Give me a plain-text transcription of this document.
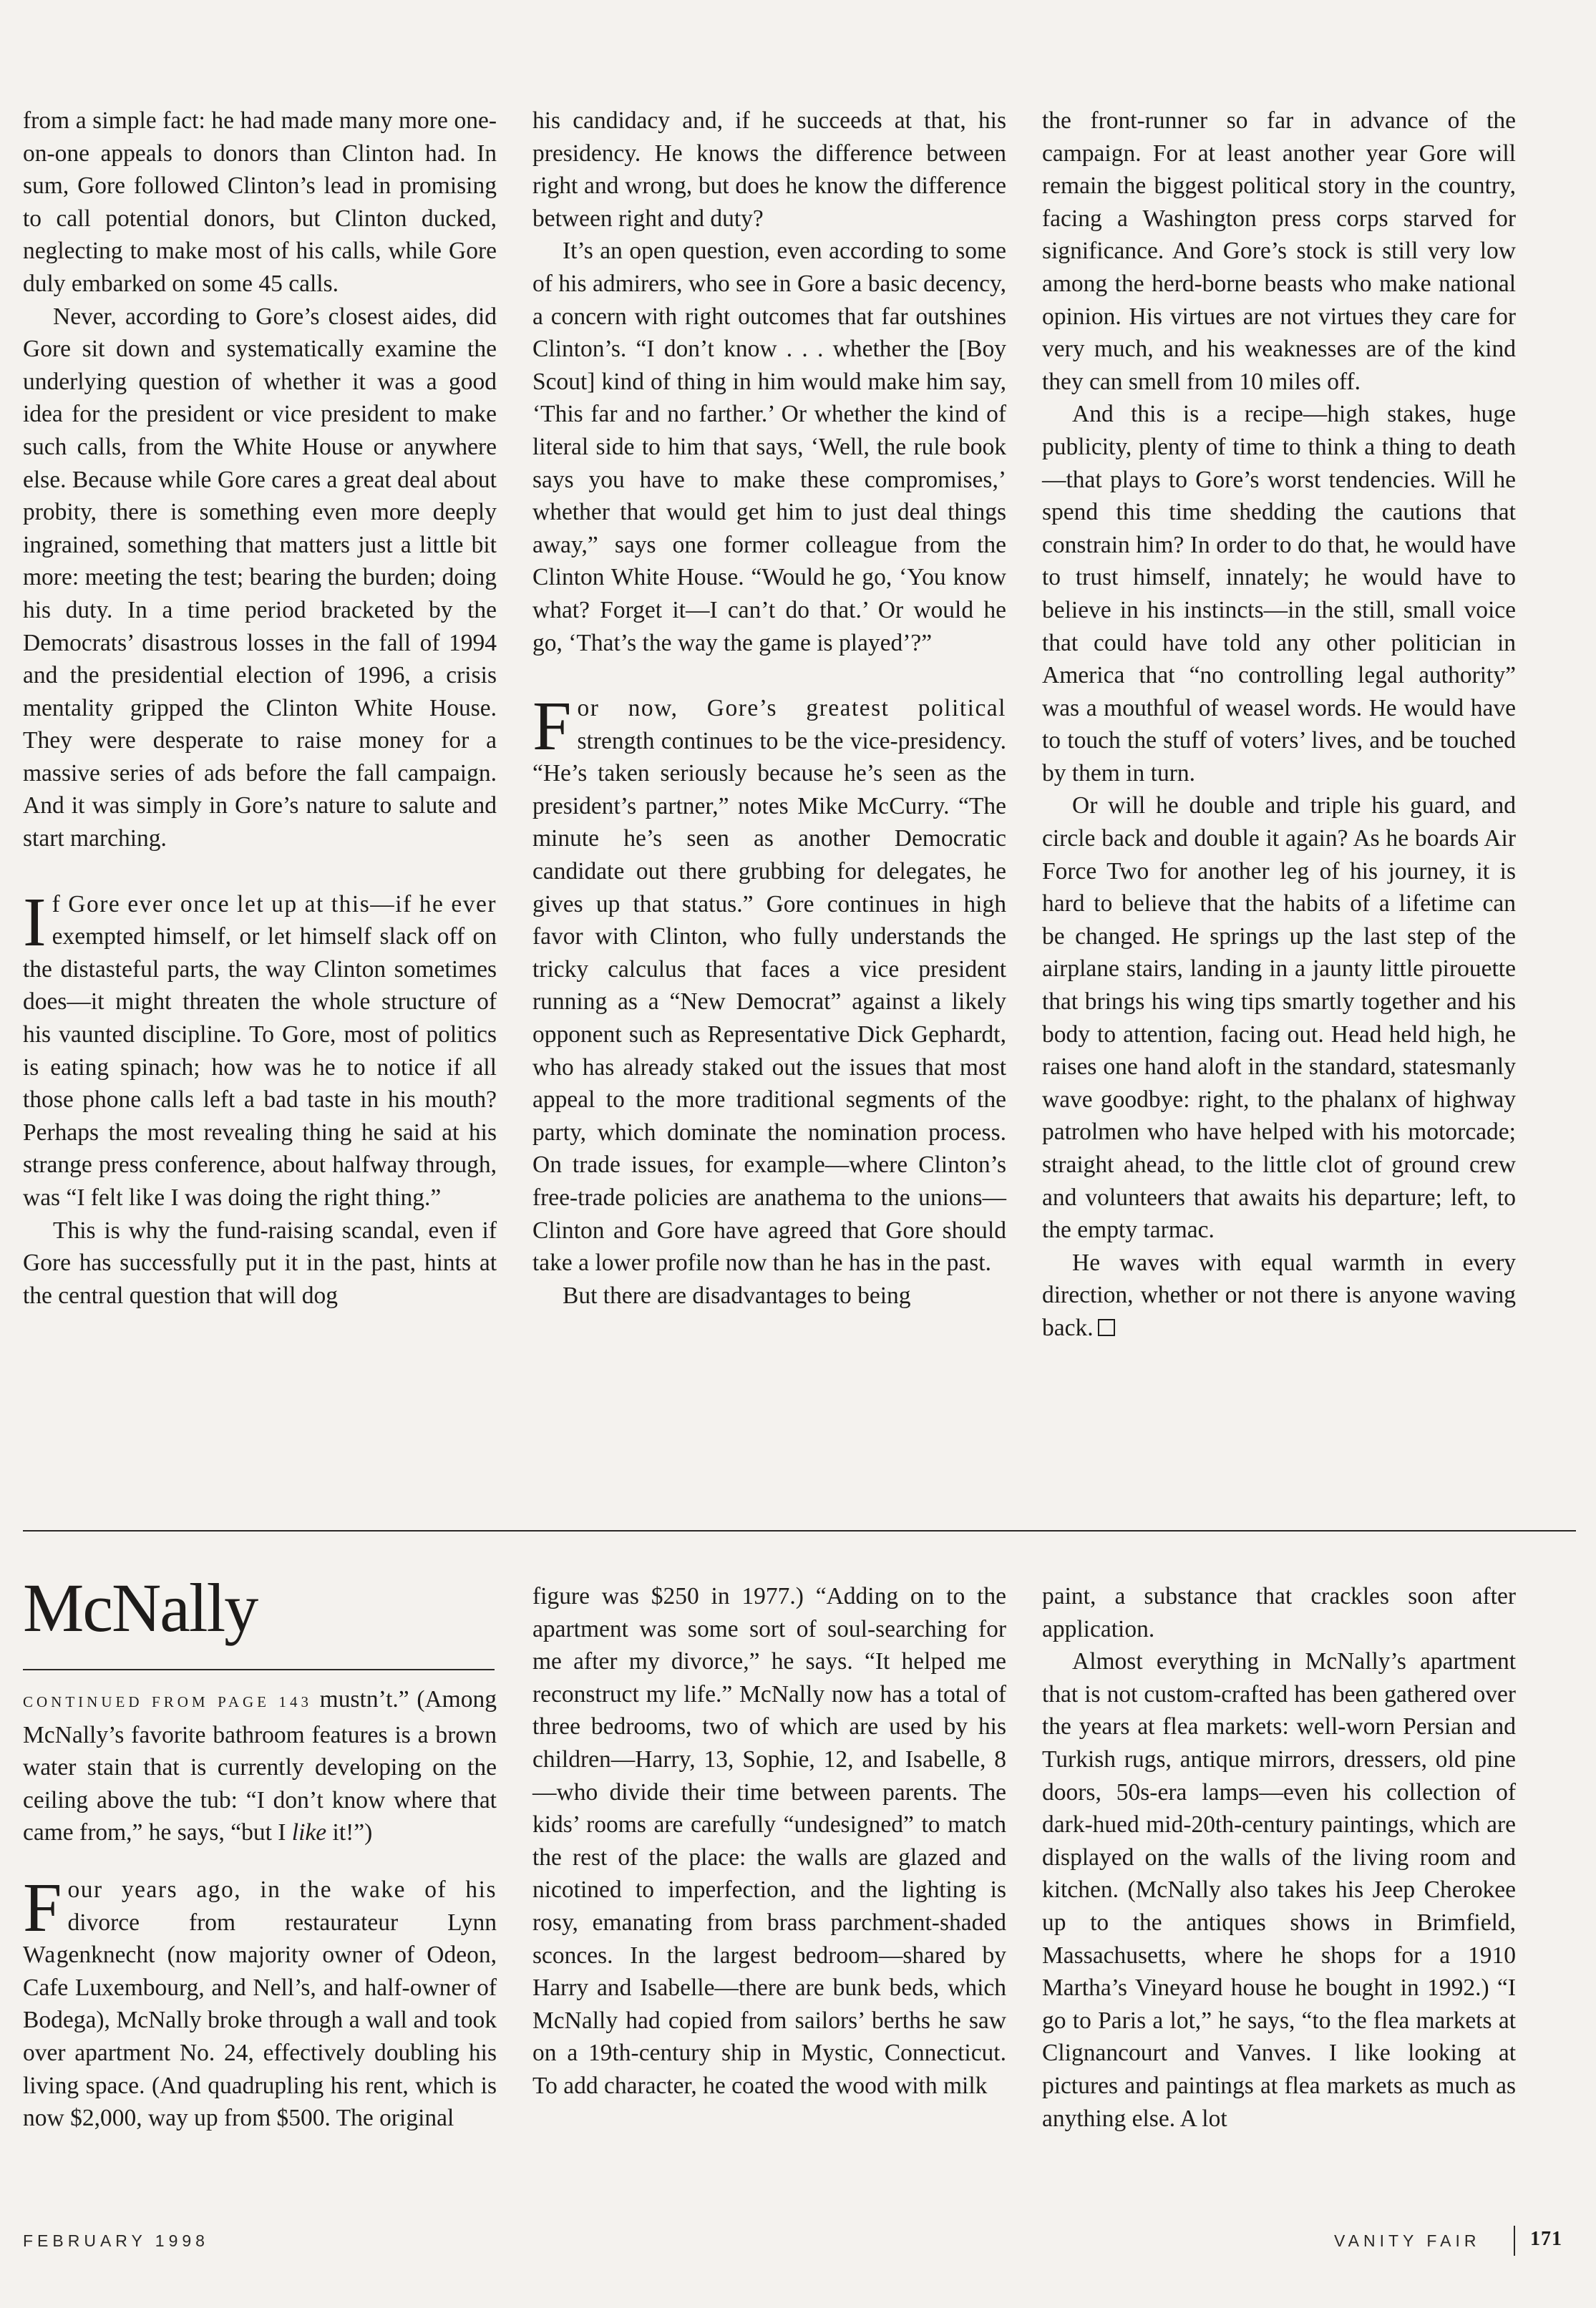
from a simple fact: he had made many more one-on-one appeals to donors than Clinton had. In sum, Gore followed Clinton’s lead in promising to call potential donors, but Clinton ducked, neglecting to make most of his calls, while Gore duly embarked on some 45 calls.

Never, according to Gore’s closest aides, did Gore sit down and systematically examine the underlying question of whether it was a good idea for the president or vice president to make such calls, from the White House or anywhere else. Because while Gore cares a great deal about probity, there is something even more deeply ingrained, something that matters just a little bit more: meeting the test; bearing the burden; doing his duty. In a time period bracketed by the Democrats’ disastrous losses in the fall of 1994 and the presidential election of 1996, a crisis mentality gripped the Clinton White House. They were desperate to raise money for a massive series of ads before the fall campaign. And it was simply in Gore’s nature to salute and start marching.

If Gore ever once let up at this—if he ever exempted himself, or let himself slack off on the distasteful parts, the way Clinton sometimes does—it might threaten the whole structure of his vaunted discipline. To Gore, most of politics is eating spinach; how was he to notice if all those phone calls left a bad taste in his mouth? Perhaps the most revealing thing he said at his strange press conference, about halfway through, was “I felt like I was doing the right thing.”

This is why the fund-raising scandal, even if Gore has successfully put it in the past, hints at the central question that will dog

his candidacy and, if he succeeds at that, his presidency. He knows the difference between right and wrong, but does he know the difference between right and duty?

It’s an open question, even according to some of his admirers, who see in Gore a basic decency, a concern with right outcomes that far outshines Clinton’s. “I don’t know . . . whether the [Boy Scout] kind of thing in him would make him say, ‘This far and no farther.’ Or whether the kind of literal side to him that says, ‘Well, the rule book says you have to make these compromises,’ whether that would get him to just deal things away,” says one former colleague from the Clinton White House. “Would he go, ‘You know what? Forget it—I can’t do that.’ Or would he go, ‘That’s the way the game is played’?”

For now, Gore’s greatest political strength continues to be the vice-presidency. “He’s taken seriously because he’s seen as the president’s partner,” notes Mike McCurry. “The minute he’s seen as another Democratic candidate out there grubbing for delegates, he gives up that status.” Gore continues in high favor with Clinton, who fully understands the tricky calculus that faces a vice president running as a “New Democrat” against a likely opponent such as Representative Dick Gephardt, who has already staked out the issues that most appeal to the more traditional segments of the party, which dominate the nomination process. On trade issues, for example—where Clinton’s free-trade policies are anathema to the unions—Clinton and Gore have agreed that Gore should take a lower profile now than he has in the past.

But there are disadvantages to being

the front-runner so far in advance of the campaign. For at least another year Gore will remain the biggest political story in the country, facing a Washington press corps starved for significance. And Gore’s stock is still very low among the herd-borne beasts who make national opinion. His virtues are not virtues they care for very much, and his weaknesses are of the kind they can smell from 10 miles off.

And this is a recipe—high stakes, huge publicity, plenty of time to think a thing to death—that plays to Gore’s worst tendencies. Will he spend this time shedding the cautions that constrain him? In order to do that, he would have to trust himself, innately; he would have to believe in his instincts—in the still, small voice that could have told any other politician in America that “no controlling legal authority” was a mouthful of weasel words. He would have to touch the stuff of voters’ lives, and be touched by them in turn.

Or will he double and triple his guard, and circle back and double it again? As he boards Air Force Two for another leg of his journey, it is hard to believe that the habits of a lifetime can be changed. He springs up the last step of the airplane stairs, landing in a jaunty little pirouette that brings his wing tips smartly together and his body to attention, facing out. Head held high, he raises one hand aloft in the standard, statesmanly wave goodbye: right, to the phalanx of highway patrolmen who have helped with his motorcade; straight ahead, to the little clot of ground crew and volunteers that awaits his departure; left, to the empty tarmac.

He waves with equal warmth in every direction, whether or not there is anyone waving back.

McNally

CONTINUED FROM PAGE 143 mustn’t.” (Among McNally’s favorite bathroom features is a brown water stain that is currently developing on the ceiling above the tub: “I don’t know where that came from,” he says, “but I like it!”)

Four years ago, in the wake of his divorce from restaurateur Lynn Wagenknecht (now majority owner of Odeon, Cafe Luxembourg, and Nell’s, and half-owner of Bodega), McNally broke through a wall and took over apartment No. 24, effectively doubling his living space. (And quadrupling his rent, which is now $2,000, way up from $500. The original

figure was $250 in 1977.) “Adding on to the apartment was some sort of soul-searching for me after my divorce,” he says. “It helped me reconstruct my life.” McNally now has a total of three bedrooms, two of which are used by his children—Harry, 13, Sophie, 12, and Isabelle, 8—who divide their time between parents. The kids’ rooms are carefully “undesigned” to match the rest of the place: the walls are glazed and nicotined to imperfection, and the lighting is rosy, emanating from brass parchment-shaded sconces. In the largest bedroom—shared by Harry and Isabelle—there are bunk beds, which McNally had copied from sailors’ berths he saw on a 19th-century ship in Mystic, Connecticut. To add character, he coated the wood with milk

paint, a substance that crackles soon after application.

Almost everything in McNally’s apartment that is not custom-crafted has been gathered over the years at flea markets: well-worn Persian and Turkish rugs, antique mirrors, dressers, old pine doors, 50s-era lamps—even his collection of dark-hued mid-20th-century paintings, which are displayed on the walls of the living room and kitchen. (McNally also takes his Jeep Cherokee up to the antiques shows in Brimfield, Massachusetts, where he shops for a 1910 Martha’s Vineyard house he bought in 1992.) “I go to Paris a lot,” he says, “to the flea markets at Clignancourt and Vanves. I like looking at pictures and paintings at flea markets as much as anything else. A lot

FEBRUARY 1998	VANITY FAIR 171
